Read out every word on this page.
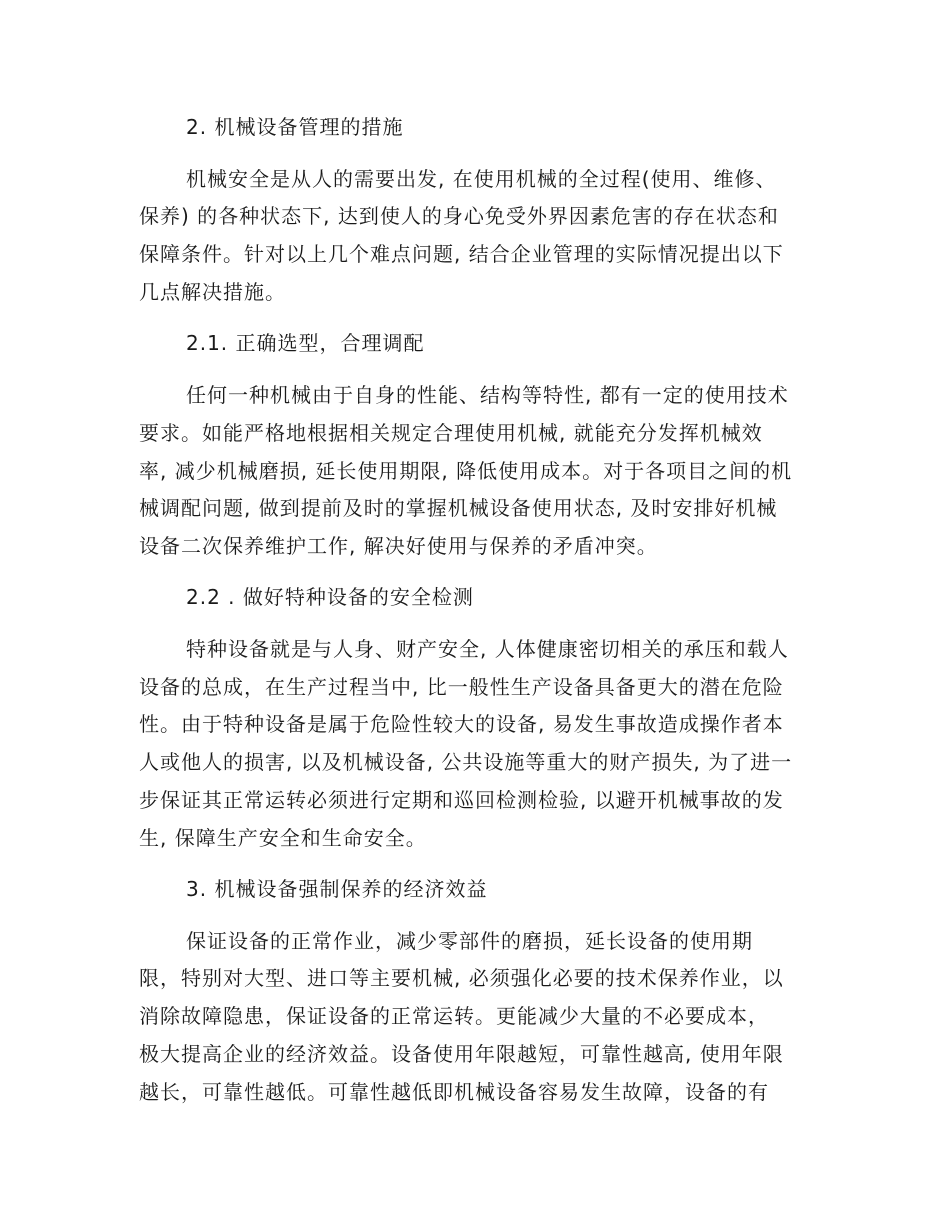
2. 机械设备管理的措施
机械安全是从人的需要出发, 在使用机械的全过程(使用、维修、
保养) 的各种状态下, 达到使人的身心免受外界因素危害的存在状态和
保障条件。针对以上几个难点问题, 结合企业管理的实际情况提出以下
几点解决措施。
2.1. 正确选型，合理调配
任何一种机械由于自身的性能、结构等特性, 都有一定的使用技术
要求。如能严格地根据相关规定合理使用机械, 就能充分发挥机械效
率, 减少机械磨损, 延长使用期限, 降低使用成本。对于各项目之间的机
械调配问题, 做到提前及时的掌握机械设备使用状态, 及时安排好机械
设备二次保养维护工作, 解决好使用与保养的矛盾冲突。
2.2 . 做好特种设备的安全检测
特种设备就是与人身、财产安全, 人体健康密切相关的承压和载人
设备的总成，在生产过程当中, 比一般性生产设备具备更大的潜在危险
性。由于特种设备是属于危险性较大的设备, 易发生事故造成操作者本
人或他人的损害, 以及机械设备, 公共设施等重大的财产损失, 为了进一
步保证其正常运转必须进行定期和巡回检测检验, 以避开机械事故的发
生, 保障生产安全和生命安全。
3. 机械设备强制保养的经济效益
保证设备的正常作业，减少零部件的磨损，延长设备的使用期
限，特别对大型、进口等主要机械, 必须强化必要的技术保养作业，以
消除故障隐患，保证设备的正常运转。更能减少大量的不必要成本，
极大提高企业的经济效益。设备使用年限越短，可靠性越高, 使用年限
越长，可靠性越低。可靠性越低即机械设备容易发生故障，设备的有
